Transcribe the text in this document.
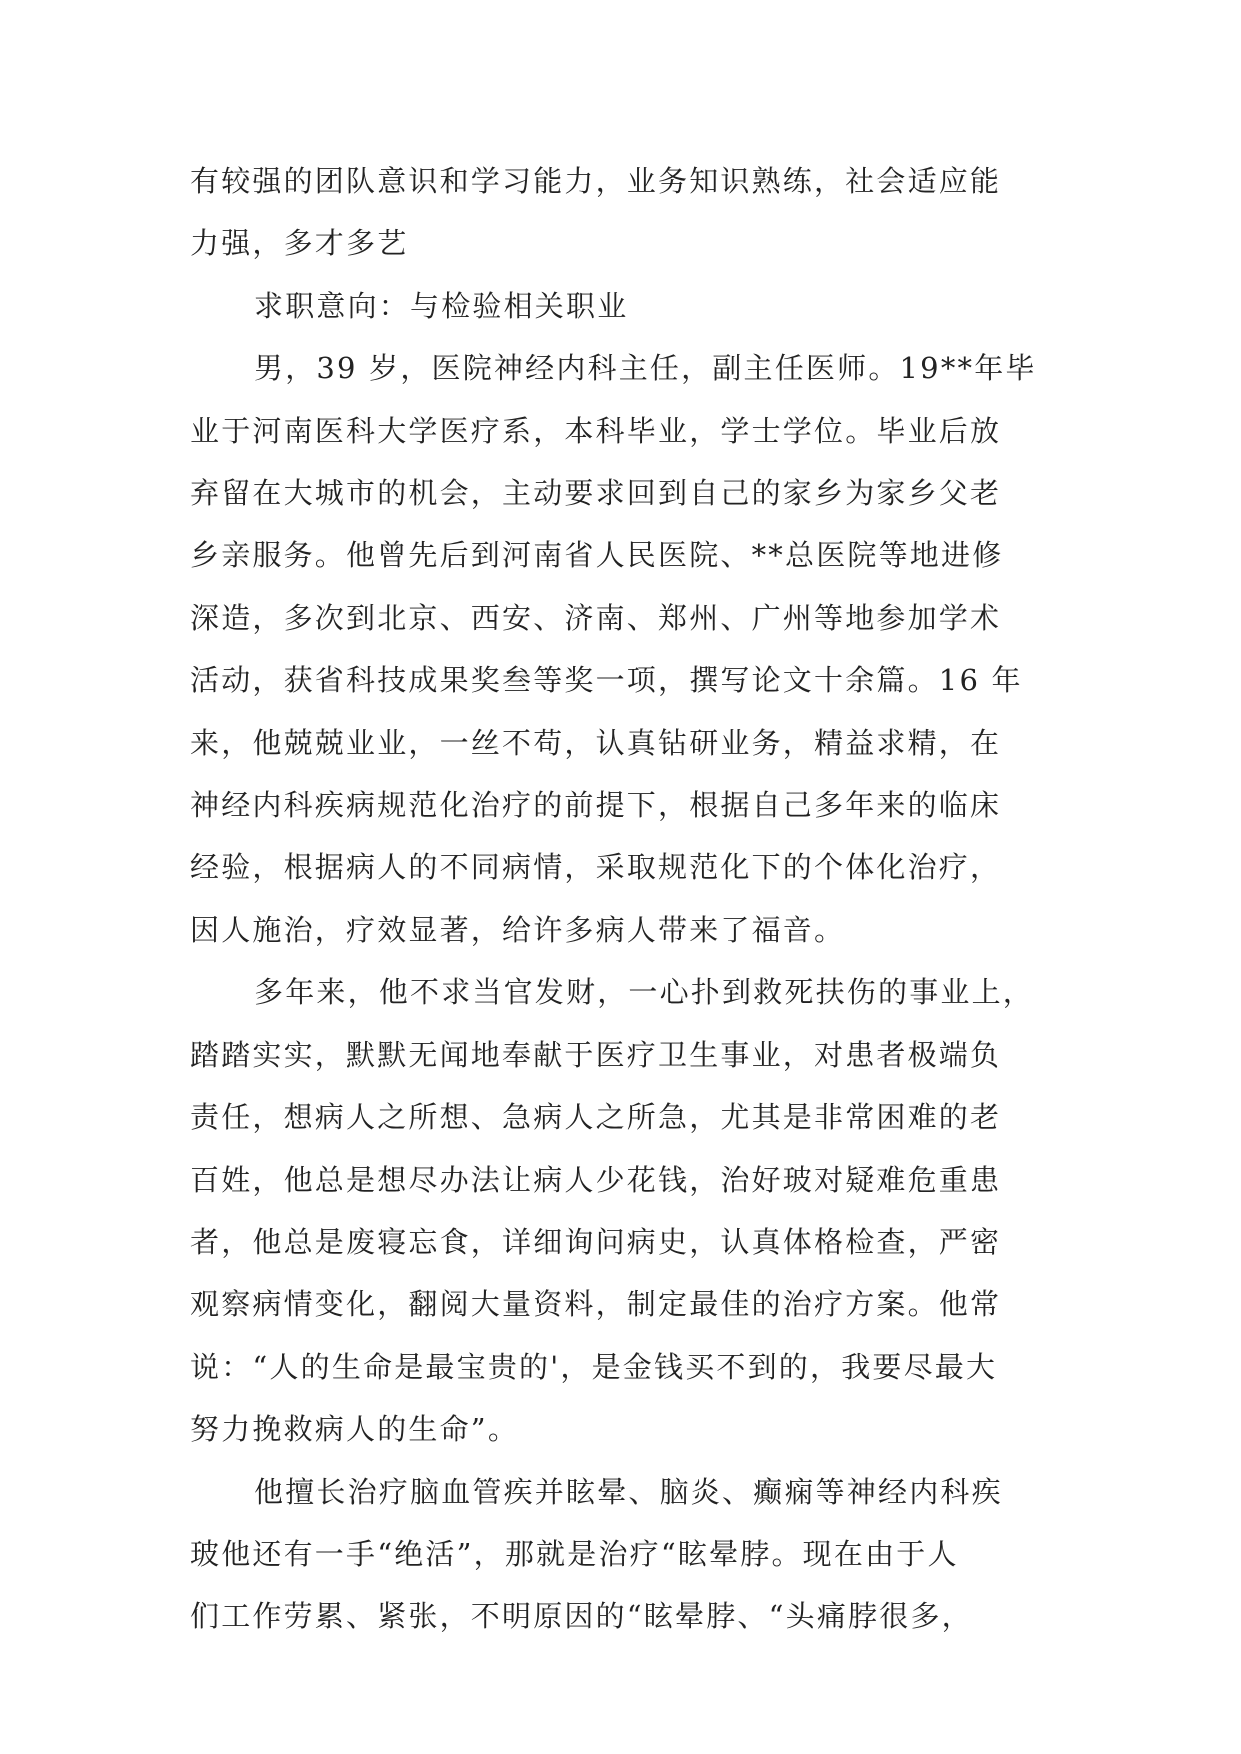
有较强的团队意识和学习能力，业务知识熟练，社会适应能
力强，多才多艺
求职意向：与检验相关职业
男，39 岁，医院神经内科主任，副主任医师。19**年毕
业于河南医科大学医疗系，本科毕业，学士学位。毕业后放
弃留在大城市的机会，主动要求回到自己的家乡为家乡父老
乡亲服务。他曾先后到河南省人民医院、**总医院等地进修
深造，多次到北京、西安、济南、郑州、广州等地参加学术
活动，获省科技成果奖叁等奖一项，撰写论文十余篇。16 年
来，他兢兢业业，一丝不苟，认真钻研业务，精益求精，在
神经内科疾病规范化治疗的前提下，根据自己多年来的临床
经验，根据病人的不同病情，采取规范化下的个体化治疗，
因人施治，疗效显著，给许多病人带来了福音。
多年来，他不求当官发财，一心扑到救死扶伤的事业上，
踏踏实实，默默无闻地奉献于医疗卫生事业，对患者极端负
责任，想病人之所想、急病人之所急，尤其是非常困难的老
百姓，他总是想尽办法让病人少花钱，治好玻对疑难危重患
者，他总是废寝忘食，详细询问病史，认真体格检查，严密
观察病情变化，翻阅大量资料，制定最佳的治疗方案。他常
说：“人的生命是最宝贵的'，是金钱买不到的，我要尽最大
努力挽救病人的生命”。
他擅长治疗脑血管疾并眩晕、脑炎、癫痫等神经内科疾
玻他还有一手“绝活”，那就是治疗“眩晕脖。现在由于人
们工作劳累、紧张，不明原因的“眩晕脖、“头痛脖很多，
